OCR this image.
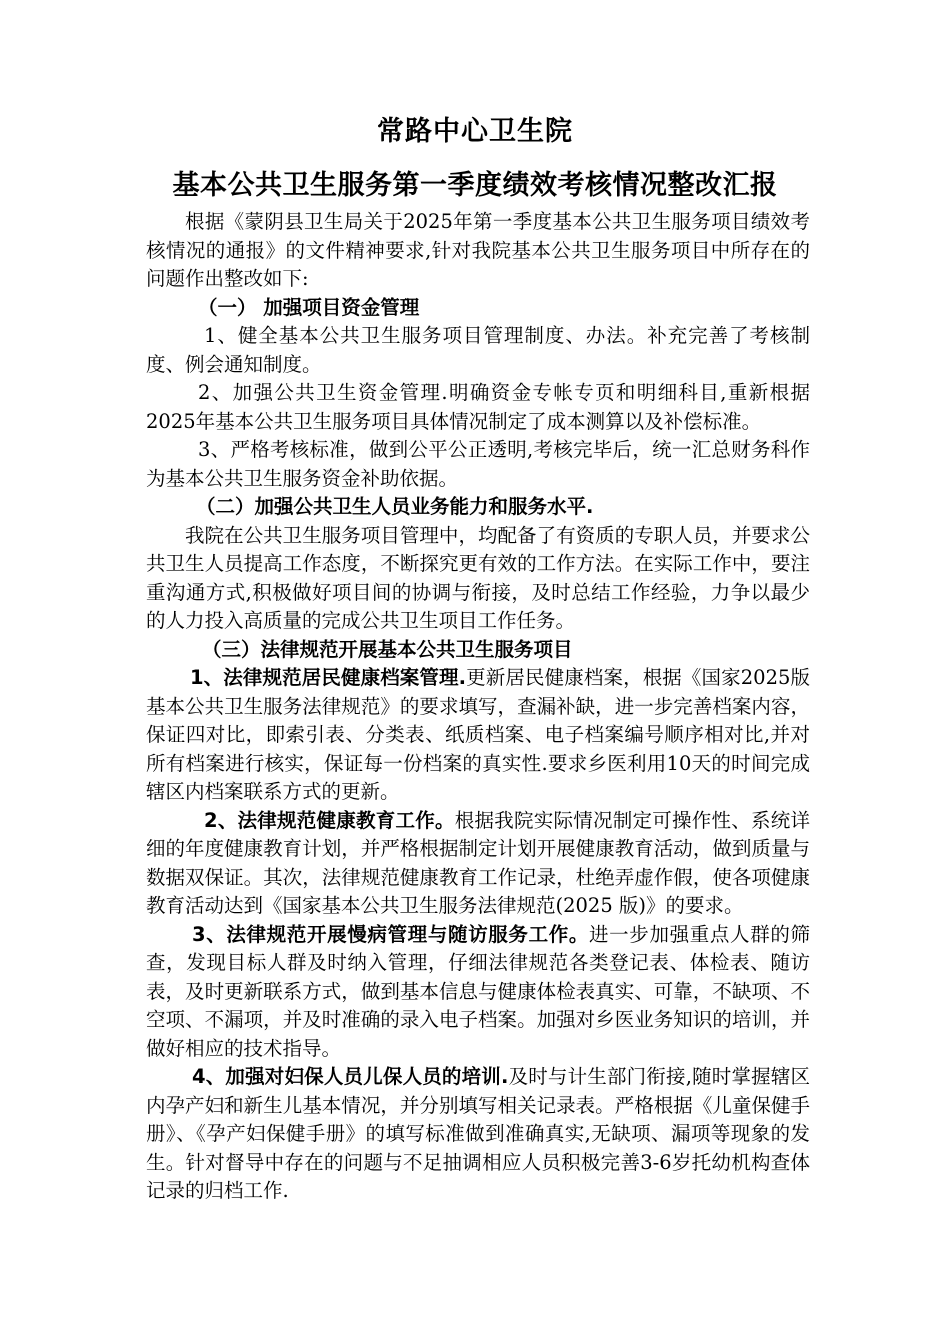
常路中心卫生院
基本公共卫生服务第一季度绩效考核情况整改汇报

根据《蒙阴县卫生局关于2025年第一季度基本公共卫生服务项目绩效考核情况的通报》的文件精神要求,针对我院基本公共卫生服务项目中所存在的问题作出整改如下:

（一） 加强项目资金管理

1、健全基本公共卫生服务项目管理制度、办法。补充完善了考核制度、例会通知制度。

2、加强公共卫生资金管理.明确资金专帐专页和明细科目,重新根据2025年基本公共卫生服务项目具体情况制定了成本测算以及补偿标准。

3、严格考核标准，做到公平公正透明,考核完毕后，统一汇总财务科作为基本公共卫生服务资金补助依据。

（二）加强公共卫生人员业务能力和服务水平.

我院在公共卫生服务项目管理中，均配备了有资质的专职人员，并要求公共卫生人员提高工作态度，不断探究更有效的工作方法。在实际工作中，要注重沟通方式,积极做好项目间的协调与衔接，及时总结工作经验，力争以最少的人力投入高质量的完成公共卫生项目工作任务。

（三）法律规范开展基本公共卫生服务项目

1、法律规范居民健康档案管理.更新居民健康档案，根据《国家2025版基本公共卫生服务法律规范》的要求填写，查漏补缺，进一步完善档案内容，保证四对比，即索引表、分类表、纸质档案、电子档案编号顺序相对比,并对所有档案进行核实，保证每一份档案的真实性.要求乡医利用10天的时间完成辖区内档案联系方式的更新。

2、法律规范健康教育工作。根据我院实际情况制定可操作性、系统详细的年度健康教育计划，并严格根据制定计划开展健康教育活动，做到质量与数据双保证。其次，法律规范健康教育工作记录，杜绝弄虚作假，使各项健康教育活动达到《国家基本公共卫生服务法律规范(2025 版)》的要求。

3、法律规范开展慢病管理与随访服务工作。进一步加强重点人群的筛查，发现目标人群及时纳入管理，仔细法律规范各类登记表、体检表、随访表，及时更新联系方式，做到基本信息与健康体检表真实、可靠，不缺项、不空项、不漏项，并及时准确的录入电子档案。加强对乡医业务知识的培训，并做好相应的技术指导。

4、加强对妇保人员儿保人员的培训.及时与计生部门衔接,随时掌握辖区内孕产妇和新生儿基本情况，并分别填写相关记录表。严格根据《儿童保健手册》、《孕产妇保健手册》的填写标准做到准确真实,无缺项、漏项等现象的发生。针对督导中存在的问题与不足抽调相应人员积极完善3-6岁托幼机构查体记录的归档工作.
